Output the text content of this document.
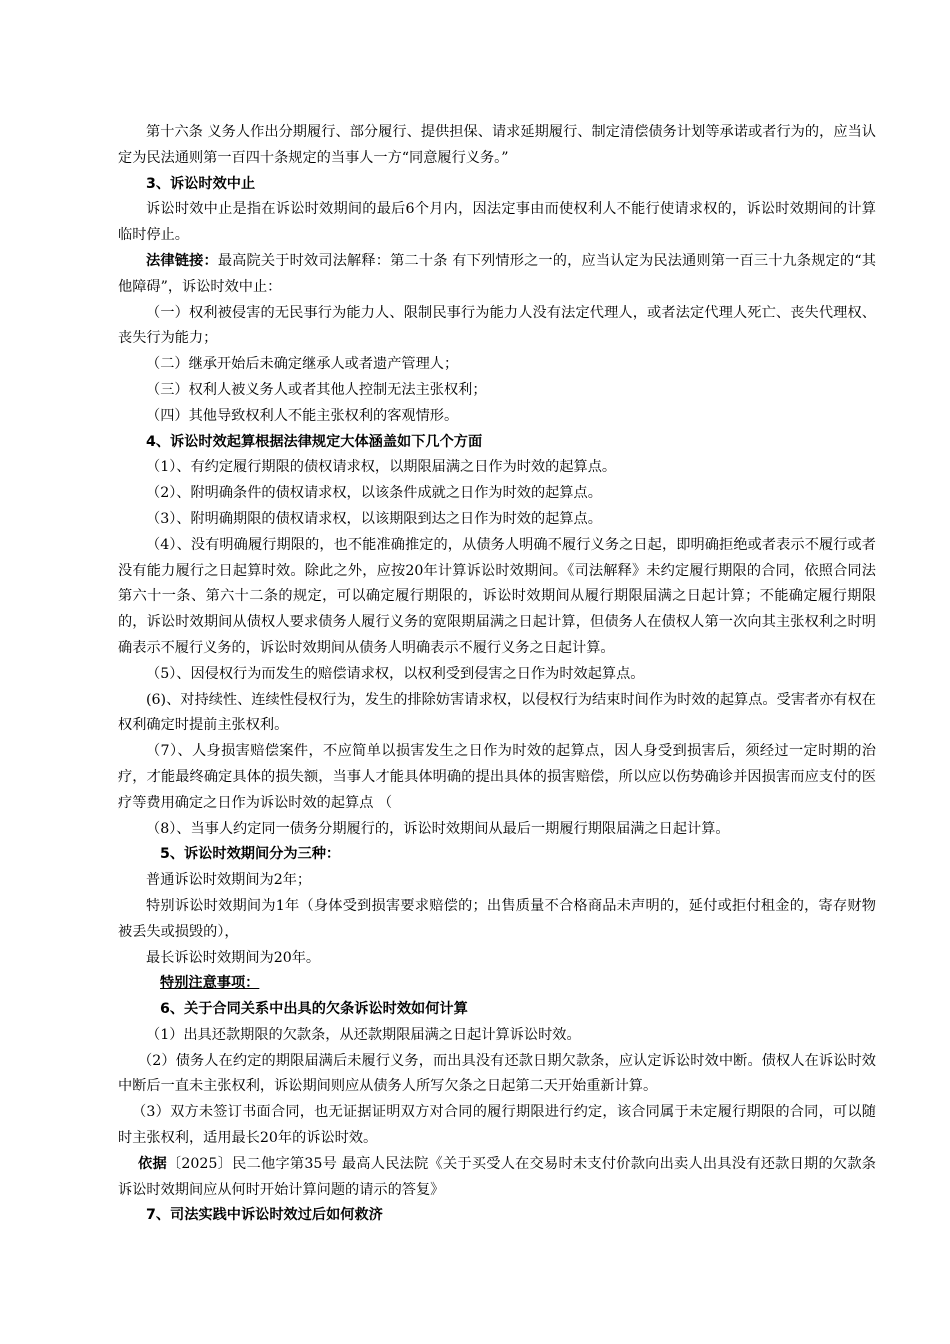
第十六条 义务人作出分期履行、部分履行、提供担保、请求延期履行、制定清偿债务计划等承诺或者行为的，应当认定为民法通则第一百四十条规定的当事人一方“同意履行义务。”

3、诉讼时效中止

诉讼时效中止是指在诉讼时效期间的最后6个月内，因法定事由而使权利人不能行使请求权的，诉讼时效期间的计算临时停止。

法律链接：最高院关于时效司法解释：第二十条 有下列情形之一的，应当认定为民法通则第一百三十九条规定的“其他障碍”，诉讼时效中止：

（一）权利被侵害的无民事行为能力人、限制民事行为能力人没有法定代理人，或者法定代理人死亡、丧失代理权、丧失行为能力；

（二）继承开始后未确定继承人或者遗产管理人；

（三）权利人被义务人或者其他人控制无法主张权利；

（四）其他导致权利人不能主张权利的客观情形。

4、诉讼时效起算根据法律规定大体涵盖如下几个方面

（1）、有约定履行期限的债权请求权，以期限届满之日作为时效的起算点。

（2）、附明确条件的债权请求权，以该条件成就之日作为时效的起算点。

（3）、附明确期限的债权请求权，以该期限到达之日作为时效的起算点。

（4）、没有明确履行期限的，也不能准确推定的，从债务人明确不履行义务之日起，即明确拒绝或者表示不履行或者没有能力履行之日起算时效。除此之外，应按20年计算诉讼时效期间。《司法解释》未约定履行期限的合同，依照合同法第六十一条、第六十二条的规定，可以确定履行期限的，诉讼时效期间从履行期限届满之日起计算；不能确定履行期限的，诉讼时效期间从债权人要求债务人履行义务的宽限期届满之日起计算，但债务人在债权人第一次向其主张权利之时明确表示不履行义务的，诉讼时效期间从债务人明确表示不履行义务之日起计算。

（5）、因侵权行为而发生的赔偿请求权，以权利受到侵害之日作为时效起算点。

(6)、对持续性、连续性侵权行为，发生的排除妨害请求权，以侵权行为结束时间作为时效的起算点。受害者亦有权在权利确定时提前主张权利。

（7）、人身损害赔偿案件，不应简单以损害发生之日作为时效的起算点，因人身受到损害后，须经过一定时期的治疗，才能最终确定具体的损失额，当事人才能具体明确的提出具体的损害赔偿，所以应以伤势确诊并因损害而应支付的医疗等费用确定之日作为诉讼时效的起算点 （

（8）、当事人约定同一债务分期履行的，诉讼时效期间从最后一期履行期限届满之日起计算。

5、诉讼时效期间分为三种：

普通诉讼时效期间为2年；

特别诉讼时效期间为1年（身体受到损害要求赔偿的；出售质量不合格商品未声明的，延付或拒付租金的，寄存财物被丢失或损毁的），

最长诉讼时效期间为20年。

特别注意事项：

6、关于合同关系中出具的欠条诉讼时效如何计算

（1）出具还款期限的欠款条，从还款期限届满之日起计算诉讼时效。

（2）债务人在约定的期限届满后未履行义务，而出具没有还款日期欠款条，应认定诉讼时效中断。债权人在诉讼时效中断后一直未主张权利，诉讼期间则应从债务人所写欠条之日起第二天开始重新计算。

（3）双方未签订书面合同，也无证据证明双方对合同的履行期限进行约定，该合同属于未定履行期限的合同，可以随时主张权利，适用最长20年的诉讼时效。

依据〔2025〕民二他字第35号 最高人民法院《关于买受人在交易时未支付价款向出卖人出具没有还款日期的欠款条诉讼时效期间应从何时开始计算问题的请示的答复》

7、司法实践中诉讼时效过后如何救济
